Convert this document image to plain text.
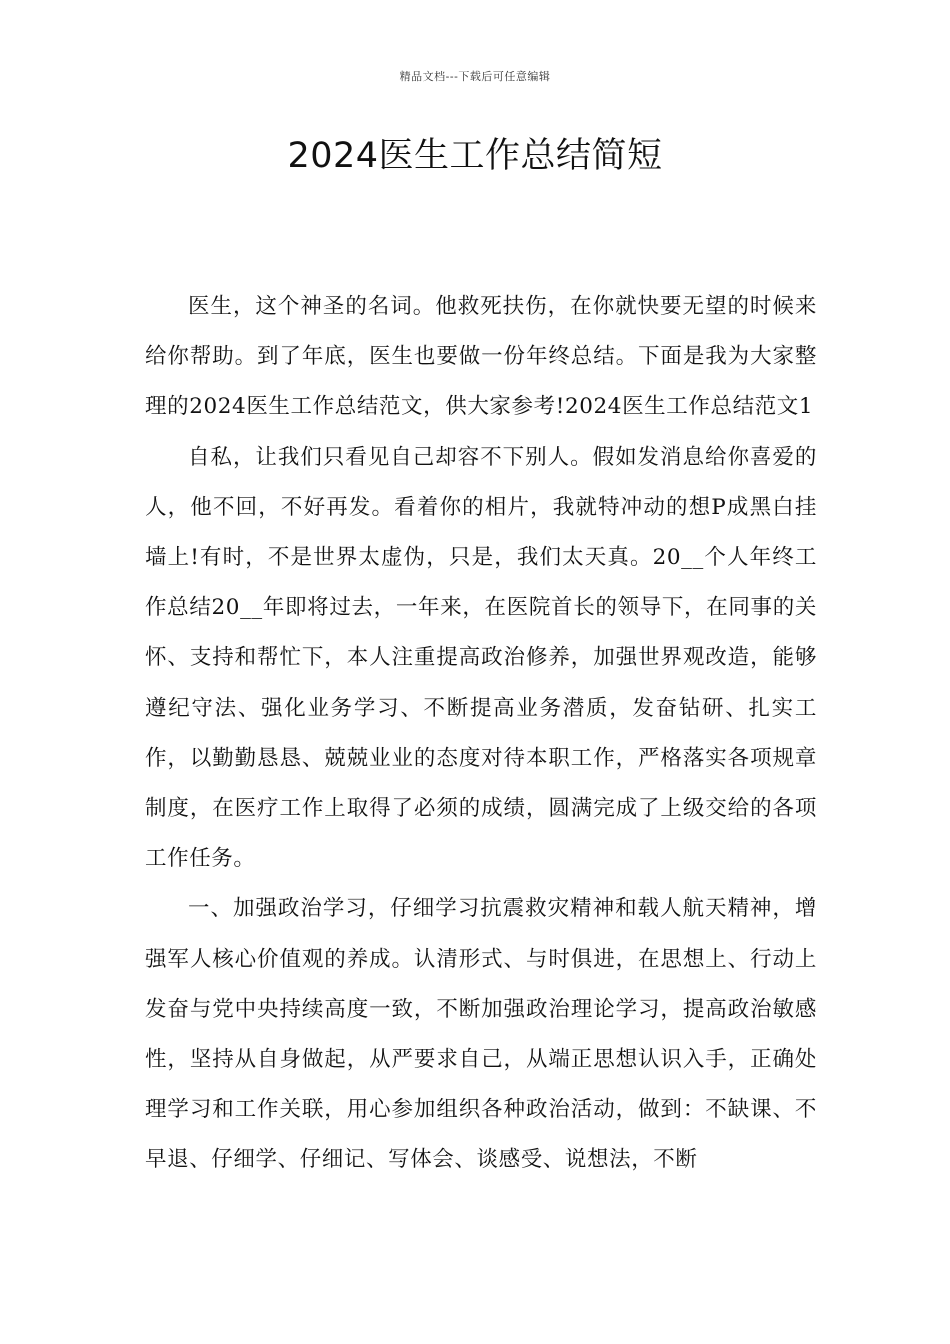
精品文档---下载后可任意编辑
2024医生工作总结简短

医生，这个神圣的名词。他救死扶伤，在你就快要无望的时候来给你帮助。到了年底，医生也要做一份年终总结。下面是我为大家整理的2024医生工作总结范文，供大家参考!2024医生工作总结范文1

自私，让我们只看见自己却容不下别人。假如发消息给你喜爱的人，他不回，不好再发。看着你的相片，我就特冲动的想P成黑白挂墙上!有时，不是世界太虚伪，只是，我们太天真。20__个人年终工作总结20__年即将过去，一年来，在医院首长的领导下，在同事的关怀、支持和帮忙下，本人注重提高政治修养，加强世界观改造，能够遵纪守法、强化业务学习、不断提高业务潜质，发奋钻研、扎实工作，以勤勤恳恳、兢兢业业的态度对待本职工作，严格落实各项规章制度，在医疗工作上取得了必须的成绩，圆满完成了上级交给的各项工作任务。

一、加强政治学习，仔细学习抗震救灾精神和载人航天精神，增强军人核心价值观的养成。认清形式、与时俱进，在思想上、行动上发奋与党中央持续高度一致，不断加强政治理论学习，提高政治敏感性，坚持从自身做起，从严要求自己，从端正思想认识入手，正确处理学习和工作关联，用心参加组织各种政治活动，做到：不缺课、不早退、仔细学、仔细记、写体会、谈感受、说想法，不断
